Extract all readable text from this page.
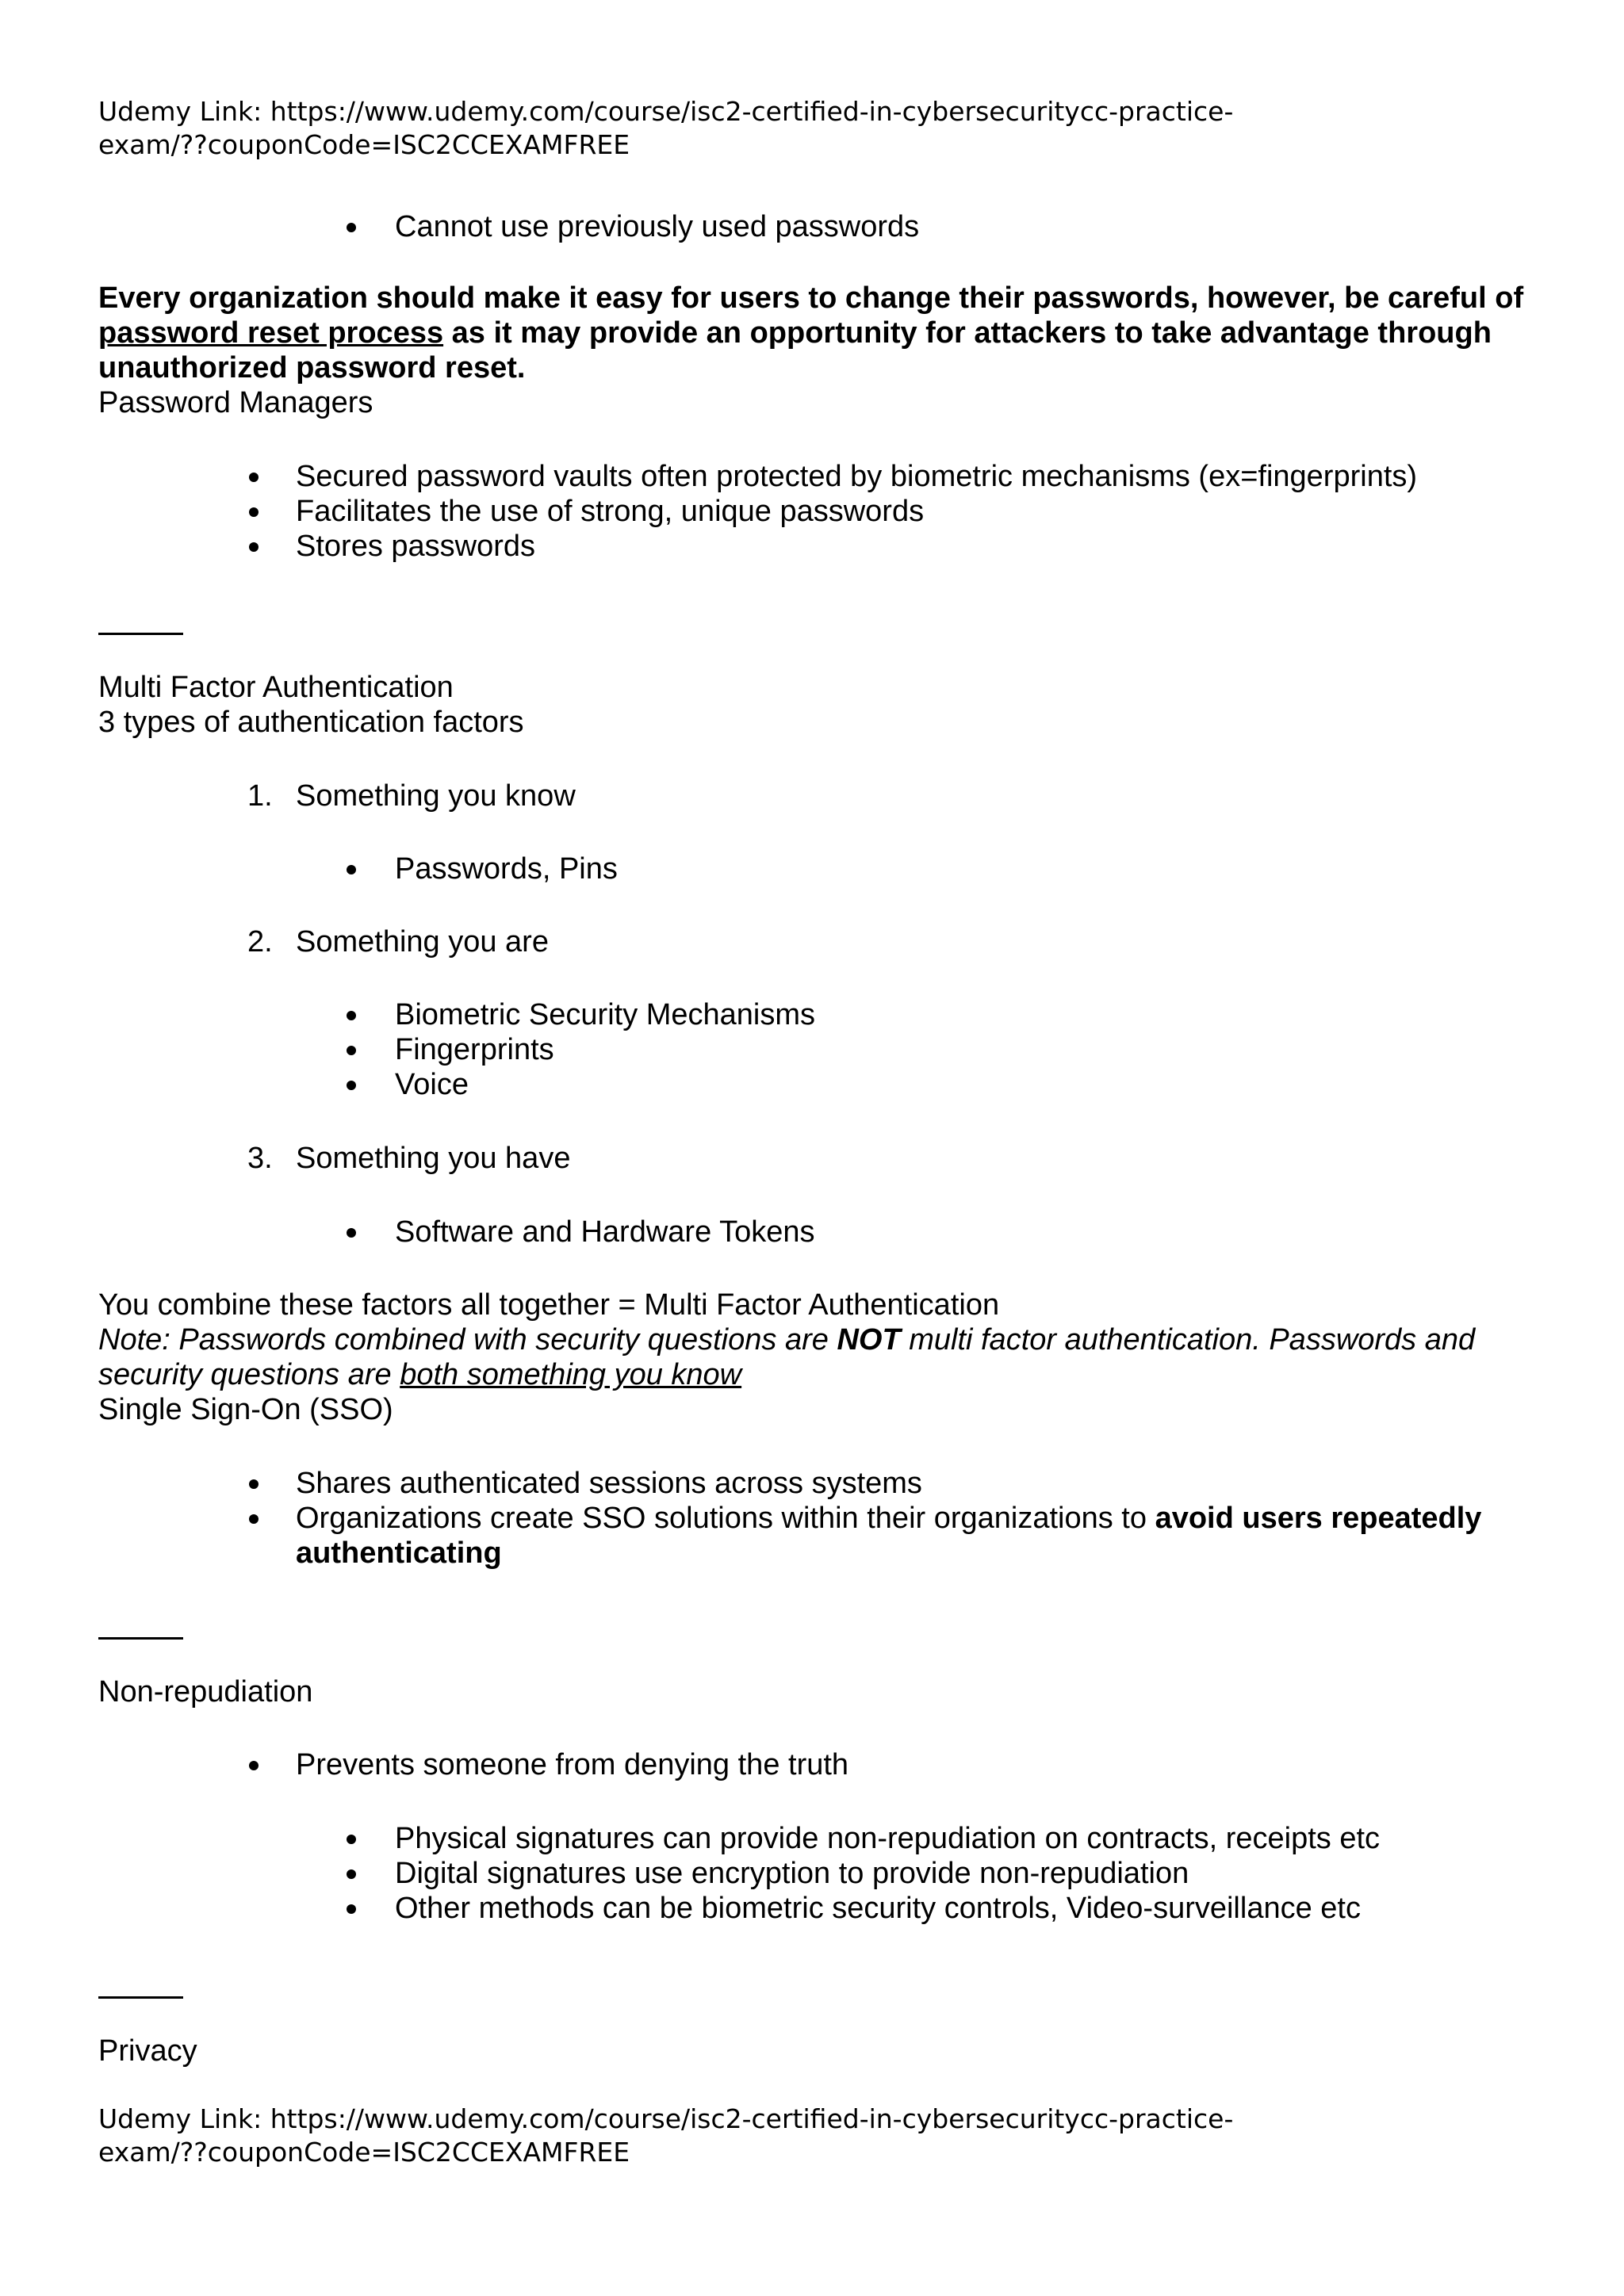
Udemy Link: https://www.udemy.com/course/isc2-certified-in-cybersecuritycc-practice-
exam/??couponCode=ISC2CCEXAMFREE
Cannot use previously used passwords
Every organization should make it easy for users to change their passwords, however, be careful of password reset process as it may provide an opportunity for attackers to take advantage through unauthorized password reset.
Password Managers
Secured password vaults often protected by biometric mechanisms (ex=fingerprints)
Facilitates the use of strong, unique passwords
Stores passwords
Multi Factor Authentication
3 types of authentication factors
1. Something you know
Passwords, Pins
2. Something you are
Biometric Security Mechanisms
Fingerprints
Voice
3. Something you have
Software and Hardware Tokens
You combine these factors all together = Multi Factor Authentication
Note: Passwords combined with security questions are NOT multi factor authentication. Passwords and security questions are both something you know
Single Sign-On (SSO)
Shares authenticated sessions across systems
Organizations create SSO solutions within their organizations to avoid users repeatedly authenticating
Non-repudiation
Prevents someone from denying the truth
Physical signatures can provide non-repudiation on contracts, receipts etc
Digital signatures use encryption to provide non-repudiation
Other methods can be biometric security controls, Video-surveillance etc
Privacy
Udemy Link: https://www.udemy.com/course/isc2-certified-in-cybersecuritycc-practice-
exam/??couponCode=ISC2CCEXAMFREE
